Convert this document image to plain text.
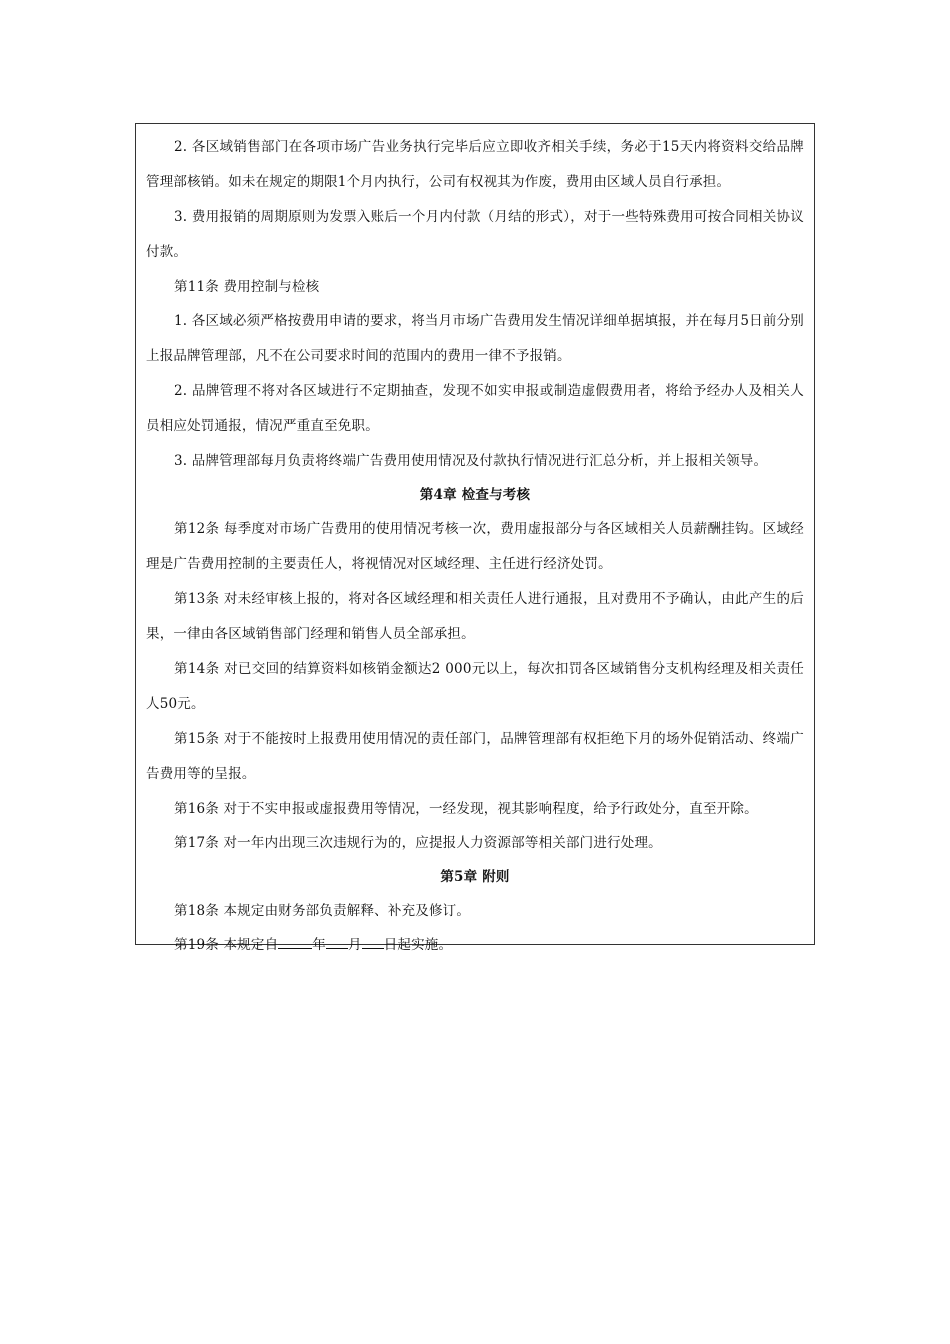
2. 各区域销售部门在各项市场广告业务执行完毕后应立即收齐相关手续，务必于15天内将资料交给品牌管理部核销。如未在规定的期限1个月内执行，公司有权视其为作废，费用由区域人员自行承担。

3. 费用报销的周期原则为发票入账后一个月内付款（月结的形式），对于一些特殊费用可按合同相关协议付款。

第11条 费用控制与检核

1. 各区域必须严格按费用申请的要求，将当月市场广告费用发生情况详细单据填报，并在每月5日前分别上报品牌管理部，凡不在公司要求时间的范围内的费用一律不予报销。

2. 品牌管理不将对各区域进行不定期抽查，发现不如实申报或制造虚假费用者，将给予经办人及相关人员相应处罚通报，情况严重直至免职。

3. 品牌管理部每月负责将终端广告费用使用情况及付款执行情况进行汇总分析，并上报相关领导。

第4章 检查与考核

第12条 每季度对市场广告费用的使用情况考核一次，费用虚报部分与各区域相关人员薪酬挂钩。区域经理是广告费用控制的主要责任人，将视情况对区域经理、主任进行经济处罚。

第13条 对未经审核上报的，将对各区域经理和相关责任人进行通报，且对费用不予确认，由此产生的后果，一律由各区域销售部门经理和销售人员全部承担。

第14条 对已交回的结算资料如核销金额达2 000元以上，每次扣罚各区域销售分支机构经理及相关责任人50元。

第15条 对于不能按时上报费用使用情况的责任部门，品牌管理部有权拒绝下月的场外促销活动、终端广告费用等的呈报。

第16条 对于不实申报或虚报费用等情况，一经发现，视其影响程度，给予行政处分，直至开除。

第17条 对一年内出现三次违规行为的，应提报人力资源部等相关部门进行处理。

第5章 附则

第18条 本规定由财务部负责解释、补充及修订。

第19条 本规定自	年 月 日起实施。
